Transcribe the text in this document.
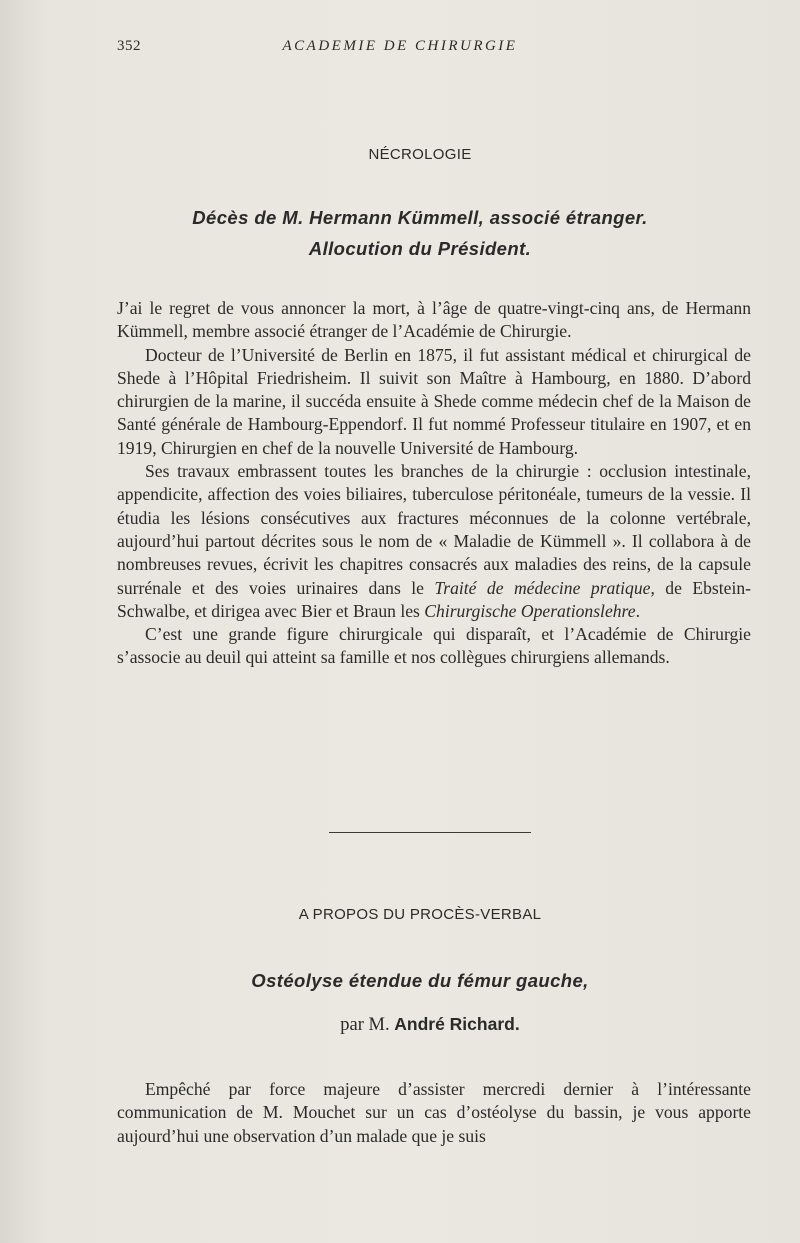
352	ACADEMIE DE CHIRURGIE
NÉCROLOGIE
Décès de M. Hermann Kümmell, associé étranger.
Allocution du Président.

J’ai le regret de vous annoncer la mort, à l’âge de quatre-vingt-cinq ans, de Hermann Kümmell, membre associé étranger de l’Académie de Chirurgie.

Docteur de l’Université de Berlin en 1875, il fut assistant médical et chirurgical de Shede à l’Hôpital Friedrisheim. Il suivit son Maître à Hambourg, en 1880. D’abord chirurgien de la marine, il succéda ensuite à Shede comme médecin chef de la Maison de Santé générale de Hambourg-Eppendorf. Il fut nommé Professeur titulaire en 1907, et en 1919, Chirurgien en chef de la nouvelle Université de Hambourg.

Ses travaux embrassent toutes les branches de la chirurgie : occlusion intestinale, appendicite, affection des voies biliaires, tuberculose péritonéale, tumeurs de la vessie. Il étudia les lésions consécutives aux fractures méconnues de la colonne vertébrale, aujourd’hui partout décrites sous le nom de « Maladie de Kümmell ». Il collabora à de nombreuses revues, écrivit les chapitres consacrés aux maladies des reins, de la capsule surrénale et des voies urinaires dans le Traité de médecine pratique, de Ebstein-Schwalbe, et dirigea avec Bier et Braun les Chirurgische Operationslehre.

C’est une grande figure chirurgicale qui disparaît, et l’Académie de Chirurgie s’associe au deuil qui atteint sa famille et nos collègues chirurgiens allemands.

A PROPOS DU PROCÈS-VERBAL
Ostéolyse étendue du fémur gauche,
par M. André Richard.

Empêché par force majeure d’assister mercredi dernier à l’intéressante communication de M. Mouchet sur un cas d’ostéolyse du bassin, je vous apporte aujourd’hui une observation d’un malade que je suis
